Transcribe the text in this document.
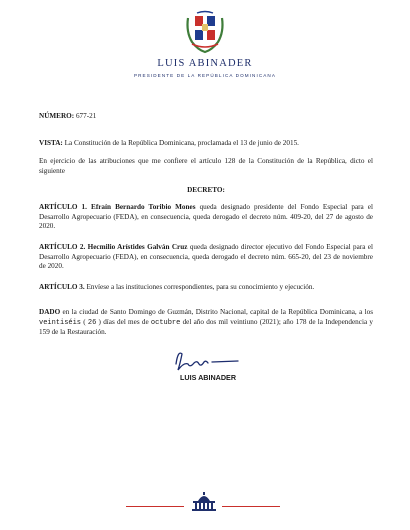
LUIS ABINADER
PRESIDENTE DE LA REPÚBLICA DOMINICANA
NÚMERO: 677-21
VISTA: La Constitución de la República Dominicana, proclamada el 13 de junio de 2015.
En ejercicio de las atribuciones que me confiere el artículo 128 de la Constitución de la República, dicto el siguiente
DECRETO:
ARTÍCULO 1. Efraín Bernardo Toribio Mones queda designado presidente del Fondo Especial para el Desarrollo Agropecuario (FEDA), en consecuencia, queda derogado el decreto núm. 409-20, del 27 de agosto de 2020.
ARTÍCULO 2. Hecmilio Arístides Galván Cruz queda designado director ejecutivo del Fondo Especial para el Desarrollo Agropecuario (FEDA), en consecuencia, queda derogado el decreto núm. 665-20, del 23 de noviembre de 2020.
ARTÍCULO 3. Envíese a las instituciones correspondientes, para su conocimiento y ejecución.
DADO en la ciudad de Santo Domingo de Guzmán, Distrito Nacional, capital de la República Dominicana, a los veintiséis ( 26 ) días del mes de octubre del año dos mil veintiuno (2021); año 178 de la Independencia y 159 de la Restauración.
LUIS ABINADER
